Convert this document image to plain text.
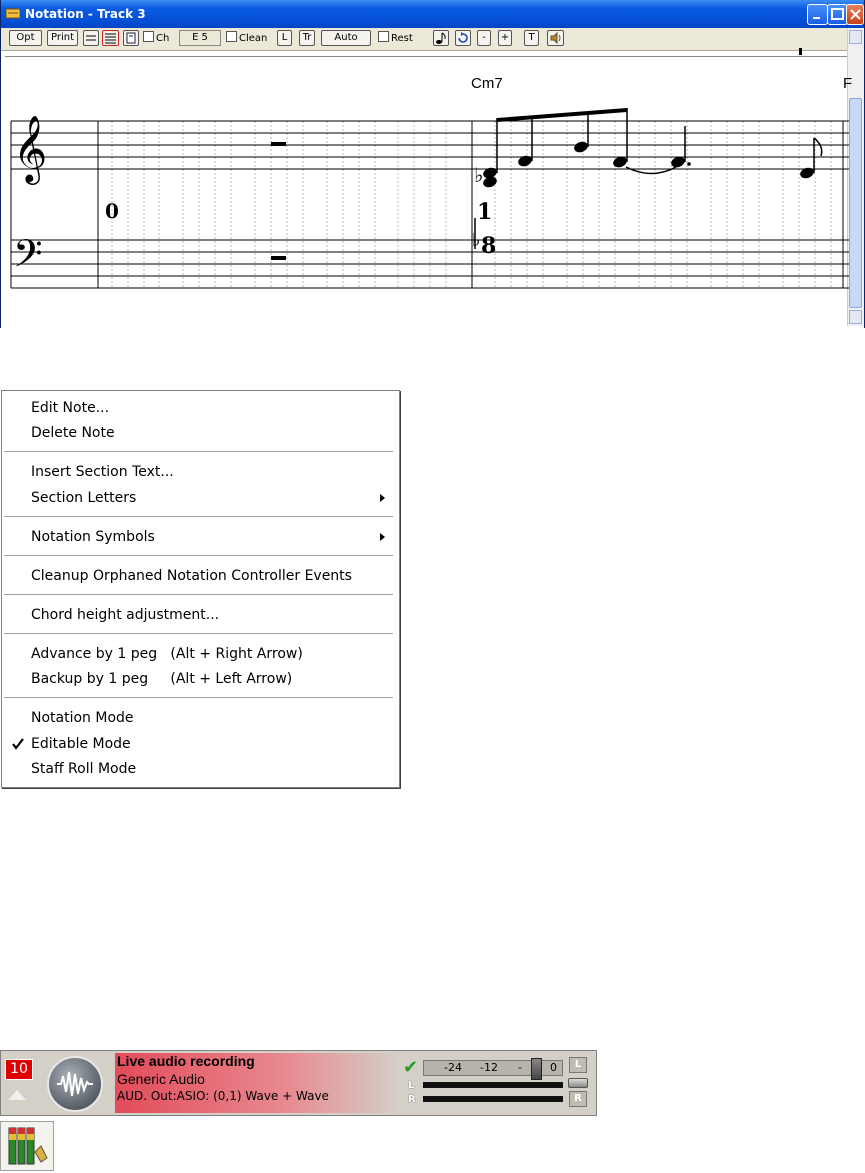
Notation - Track 3
Opt	Print	Ch	E 5	Clean	L	Tr	Auto	Rest	-	+	T
Cm7	F
𝄞
𝄢
0
♭
1
♭ 8
Edit Note...
Delete Note
Insert Section Text...
Section Letters
Notation Symbols
Cleanup Orphaned Notation Controller Events
Chord height adjustment...
Advance by 1 peg   (Alt + Right Arrow)
Backup by 1 peg     (Alt + Left Arrow)
Notation Mode
Editable Mode
Staff Roll Mode
10	Live audio recording
Generic Audio
AUD. Out:ASIO: (0,1) Wave + Wave
✔ -24 -12 -	0
L
R
L
R
